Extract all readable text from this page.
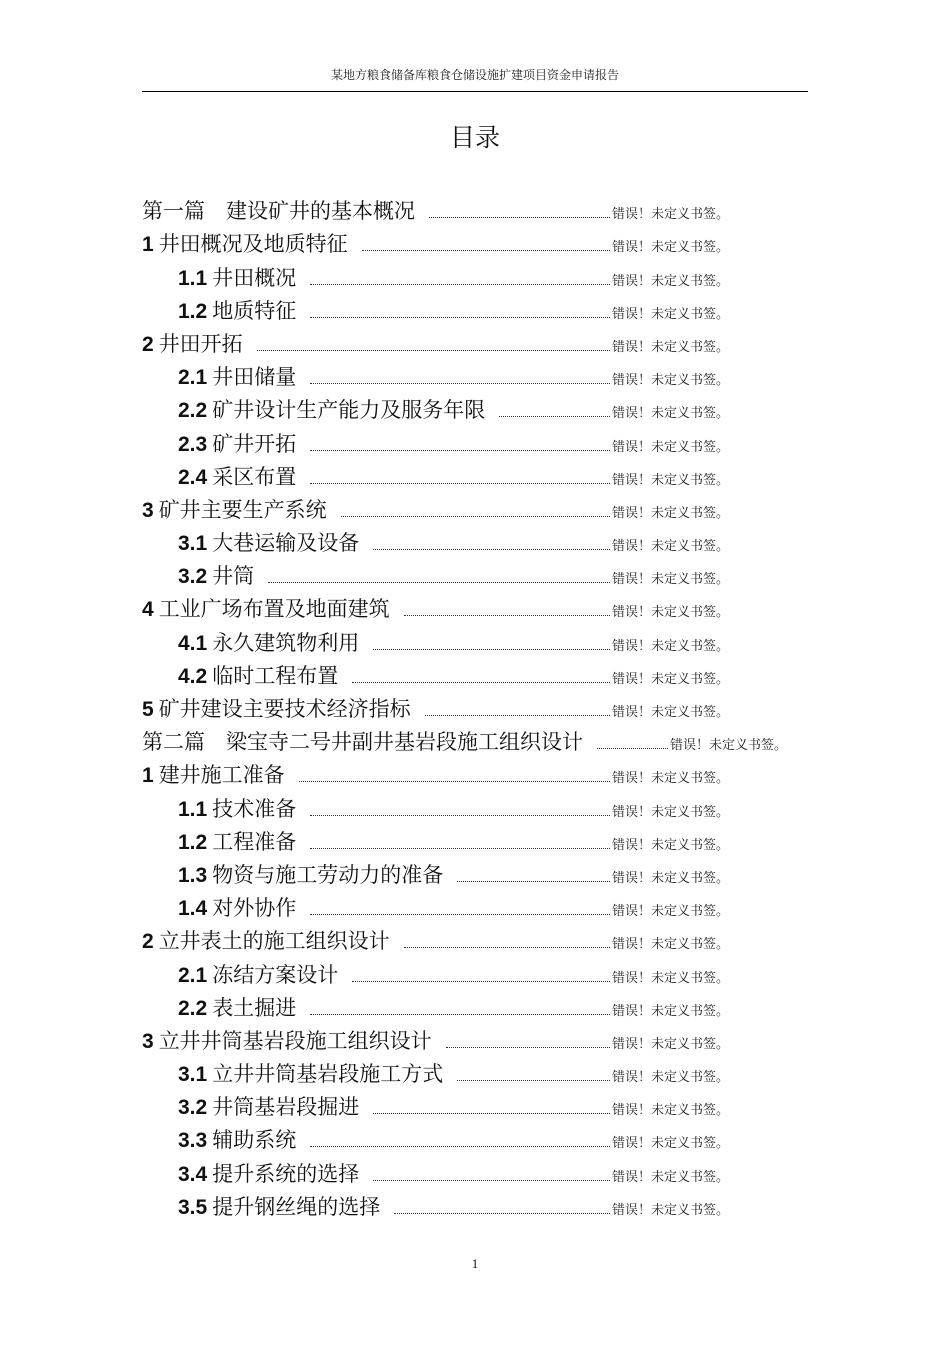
某地方粮食储备库粮食仓储设施扩建项目资金申请报告
目录
第一篇　建设矿井的基本概况	错误！未定义书签。
1 井田概况及地质特征	错误！未定义书签。
1.1 井田概况	错误！未定义书签。
1.2 地质特征	错误！未定义书签。
2 井田开拓	错误！未定义书签。
2.1 井田储量	错误！未定义书签。
2.2 矿井设计生产能力及服务年限	错误！未定义书签。
2.3 矿井开拓	错误！未定义书签。
2.4 采区布置	错误！未定义书签。
3 矿井主要生产系统	错误！未定义书签。
3.1 大巷运输及设备	错误！未定义书签。
3.2 井筒	错误！未定义书签。
4 工业广场布置及地面建筑	错误！未定义书签。
4.1 永久建筑物利用	错误！未定义书签。
4.2 临时工程布置	错误！未定义书签。
5 矿井建设主要技术经济指标	错误！未定义书签。
第二篇　梁宝寺二号井副井基岩段施工组织设计	错误！未定义书签。
1 建井施工准备	错误！未定义书签。
1.1 技术准备	错误！未定义书签。
1.2 工程准备	错误！未定义书签。
1.3 物资与施工劳动力的准备	错误！未定义书签。
1.4 对外协作	错误！未定义书签。
2 立井表土的施工组织设计	错误！未定义书签。
2.1 冻结方案设计	错误！未定义书签。
2.2 表土掘进	错误！未定义书签。
3 立井井筒基岩段施工组织设计	错误！未定义书签。
3.1 立井井筒基岩段施工方式	错误！未定义书签。
3.2 井筒基岩段掘进	错误！未定义书签。
3.3 辅助系统	错误！未定义书签。
3.4 提升系统的选择	错误！未定义书签。
3.5 提升钢丝绳的选择	错误！未定义书签。
1
